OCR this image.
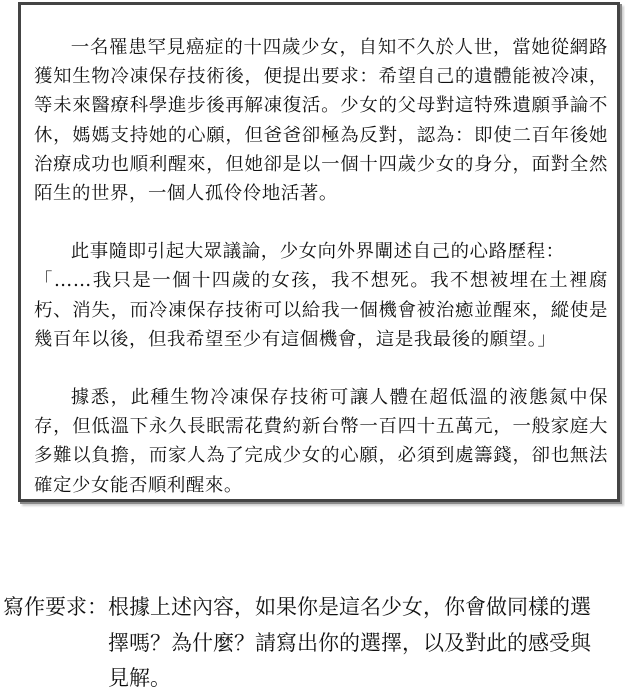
一名罹患罕見癌症的十四歲少女，自知不久於人世，當她從網路獲知生物冷凍保存技術後，便提出要求：希望自己的遺體能被冷凍，等未來醫療科學進步後再解凍復活。少女的父母對這特殊遺願爭論不休，媽媽支持她的心願，但爸爸卻極為反對，認為：即使二百年後她治療成功也順利醒來，但她卻是以一個十四歲少女的身分，面對全然陌生的世界，一個人孤伶伶地活著。

此事隨即引起大眾議論，少女向外界闡述自己的心路歷程：
「……我只是一個十四歲的女孩，我不想死。我不想被埋在土裡腐朽、消失，而冷凍保存技術可以給我一個機會被治癒並醒來，縱使是幾百年以後，但我希望至少有這個機會，這是我最後的願望。」

據悉，此種生物冷凍保存技術可讓人體在超低溫的液態氮中保存，但低溫下永久長眠需花費約新台幣一百四十五萬元，一般家庭大多難以負擔，而家人為了完成少女的心願，必須到處籌錢，卻也無法確定少女能否順利醒來。

寫作要求： 根據上述內容，如果你是這名少女，你會做同樣的選擇嗎？為什麼？請寫出你的選擇，以及對此的感受與見解。
